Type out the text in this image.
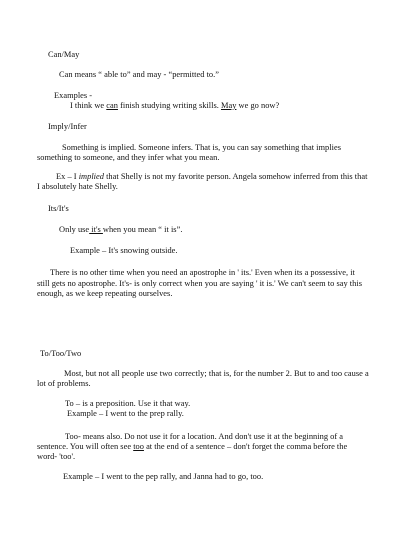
Can/May
Can means “ able to” and may - “permitted to.”
Examples -
I think we can finish studying writing skills. May we go now?
Imply/Infer
Something is implied. Someone infers. That is, you can say something that implies
something to someone, and they infer what you mean.
Ex – I implied that Shelly is not my favorite person. Angela somehow inferred from this that
I absolutely hate Shelly.
Its/It's
Only use it's when you mean “ it is”.
Example – It's snowing outside.
There is no other time when you need an apostrophe in ' its.' Even when its a possessive, it
still gets no apostrophe. It's- is only correct when you are saying ' it is.' We can't seem to say this
enough, as we keep repeating ourselves.
To/Too/Two
Most, but not all people use two correctly; that is, for the number 2. But to and too cause a
lot of problems.
To – is a preposition. Use it that way.
Example – I went to the prep rally.
Too- means also. Do not use it for a location. And don't use it at the beginning of a
sentence. You will often see too at the end of a sentence – don't forget the comma before the
word- 'too'.
Example – I went to the pep rally, and Janna had to go, too.
